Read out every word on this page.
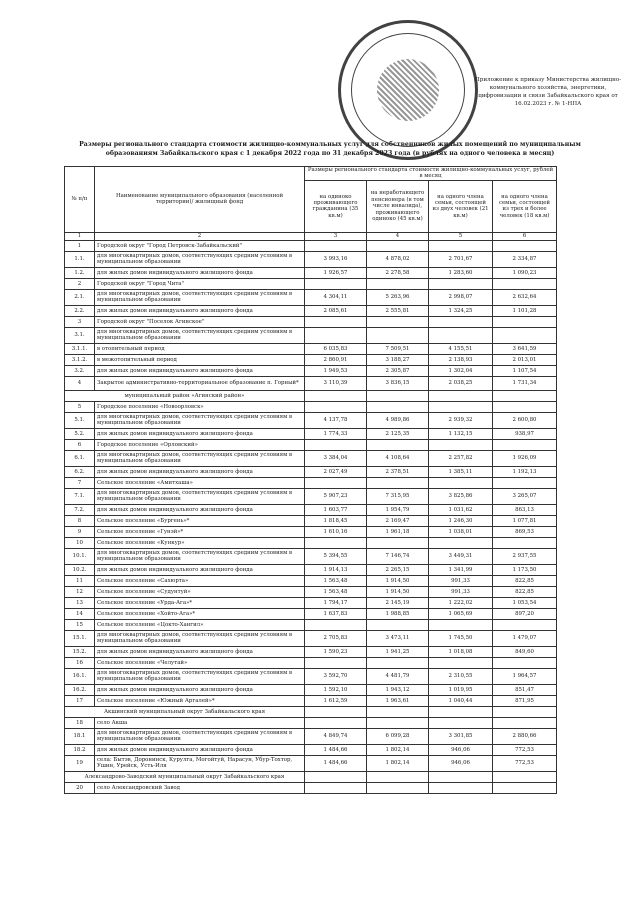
Приложение к приказу Министерства жилищно-коммунального хозяйства, энергетики, цифровизации и связи Забайкальского края от 16.02.2023 г. № 1-НПА
Размеры регионального стандарта стоимости жилищно-коммунальных услуг для собственников жилых помещений по муниципальным образованиям Забайкальского края с 1 декабря 2022 года по 31 декабря 2023 года (в рублях на одного человека в месяц)
№ п/п	Наименование муниципального образования (населенной территории)/ жилищный фонд	Размеры регионального стандарта стоимости жилищно-коммунальных услуг, рублей в месяц			
		на одиноко проживающего гражданина (35 кв.м)	на неработающего пенсионера (в том числе инвалида), проживающего одиноко (45 кв.м)	на одного члена семьи, состоящей из двух человек (21 кв.м)	на одного члена семьи, состоящей из трех и более человек (18 кв.м)
1	2	3	4	5	6
1	Городской округ "Город Петровск-Забайкальский"				
1.1.	для многоквартирных домов, соответствующих средним условиям в муниципальном образовании	3 993,16	4 878,02	2 701,67	2 334,87
1.2.	для жилых домов индивидуального жилищного фонда	1 926,57	2 278,58	1 283,60	1 090,23
2	Городской округ "Город Чита"				
2.1.	для многоквартирных домов, соответствующих средним условиям в муниципальном образовании	4 304,11	5 263,96	2 998,07	2 632,64
2.2.	для жилых домов индивидуального жилищного фонда	2 085,61	2 555,81	1 324,25	1 101,28
3	Городской округ "Поселок Агинское"				
3.1.	для многоквартирных домов, соответствующих средним условиям в муниципальном образовании				
3.1.1.	в отопительный период	6 035,83	7 509,51	4 155,51	3 641,59
3.1.2.	в межотопительный период	2 860,91	3 188,27	2 138,93	2 013,01
3.2.	для жилых домов индивидуального жилищного фонда	1 949,53	2 305,87	1 302,04	1 107,54
4	Закрытое административно-территориальное образование п. Горный*	3 110,39	3 836,15	2 038,25	1 731,34
муниципальный район «Агинский район»					
5	Городское поселение «Новоорловск»				
5.1.	для многоквартирных домов, соответствующих средним условиям в муниципальном образовании	4 137,78	4 989,86	2 939,32	2 600,80
5.2.	для жилых домов индивидуального жилищного фонда	1 774,33	2 125,35	1 132,15	938,97
6	Городское поселение «Орловский»				
6.1.	для многоквартирных домов, соответствующих средним условиям в муниципальном образовании	3 384,04	4 108,64	2 257,82	1 926,09
6.2.	для жилых домов индивидуального жилищного фонда	2 027,49	2 378,51	1 385,11	1 192,13
7	Сельское поселение «Амитхаша»				
7.1.	для многоквартирных домов, соответствующих средним условиям в муниципальном образовании	5 907,23	7 315,95	3 825,86	3 265,07
7.2.	для жилых домов индивидуального жилищного фонда	1 603,77	1 954,79	1 031,62	863,13
8	Сельское поселение «Бургень»*	1 818,45	2 169,47	1 246,30	1 077,81
9	Сельское поселение «Гунэй»*	1 610,16	1 961,18	1 038,01	869,53
10	Сельское поселение «Кункур»				
10.1.	для многоквартирных домов, соответствующих средним условиям в муниципальном образовании	5 394,55	7 146,74	3 449,31	2 937,55
10.2.	для жилых домов индивидуального жилищного фонда	1 914,13	2 265,15	1 341,99	1 173,50
11	Сельское поселение «Сахюрта»	1 563,48	1 914,50	991,33	822,85
12	Сельское поселение «Судунтуй»	1 563,48	1 914,50	991,33	822,85
13	Сельское поселение «Урда-Ага»*	1 794,17	2 145,19	1 222,02	1 053,54
14	Сельское поселение «Хойто-Ага»*	1 637,83	1 988,85	1 065,69	897,20
15	Сельское поселение «Цокто-Хангил»				
15.1.	для многоквартирных домов, соответствующих средним условиям в муниципальном образовании	2 705,83	3 473,11	1 745,50	1 479,07
15.2.	для жилых домов индивидуального жилищного фонда	1 590,23	1 941,25	1 018,08	849,60
16	Сельское поселение «Челутай»				
16.1.	для многоквартирных домов, соответствующих средним условиям в муниципальном образовании	3 592,70	4 481,79	2 310,55	1 964,57
16.2.	для жилых домов индивидуального жилищного фонда	1 592,10	1 943,12	1 019,95	851,47
17	Сельское поселение «Южный Аргалей»*	1 612,59	1 963,61	1 040,44	871,95
Акшинский муниципальный округ Забайкальского края					
18	село Акша				
18.1	для многоквартирных домов, соответствующих средним условиям в муниципальном образовании	4 849,74	6 099,28	3 301,85	2 880,66
18.2	для жилых домов индивидуального жилищного фонда	1 484,66	1 802,14	946,06	772,53
19	села: Бытэв, Доронинск, Курулга, Могойтуй, Нарасун, Убур-Тохтор, Ушин, Урейск, Усть-Иля	1 484,66	1 802,14	946,06	772,53
Александрово-Заводский муниципальный округ Забайкальского края					
20	село Александровский Завод				
